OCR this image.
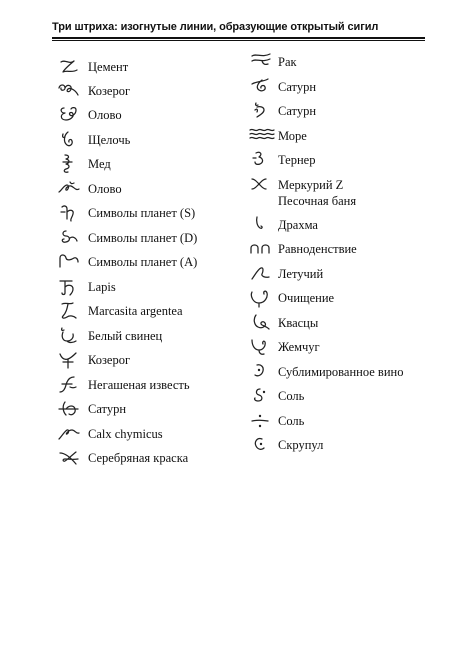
Три штриха: изогнутые линии, образующие открытый сигил
Цемент
Козерог
Олово
Щелочь
Мед
Олово
Символы планет (S)
Символы планет (D)
Символы планет (A)
Lapis
Marcasita argentea
Белый свинец
Козерог
Негашеная известь
Сатурн
Calx chymicus
Серебряная краска
Рак
Сатурн
Сатурн
Море
Тернер
Меркурий Z
Песочная баня
Драхма
Равноденствие
Летучий
Очищение
Квасцы
Жемчуг
Сублимированное вино
Соль
Соль
Скрупул
